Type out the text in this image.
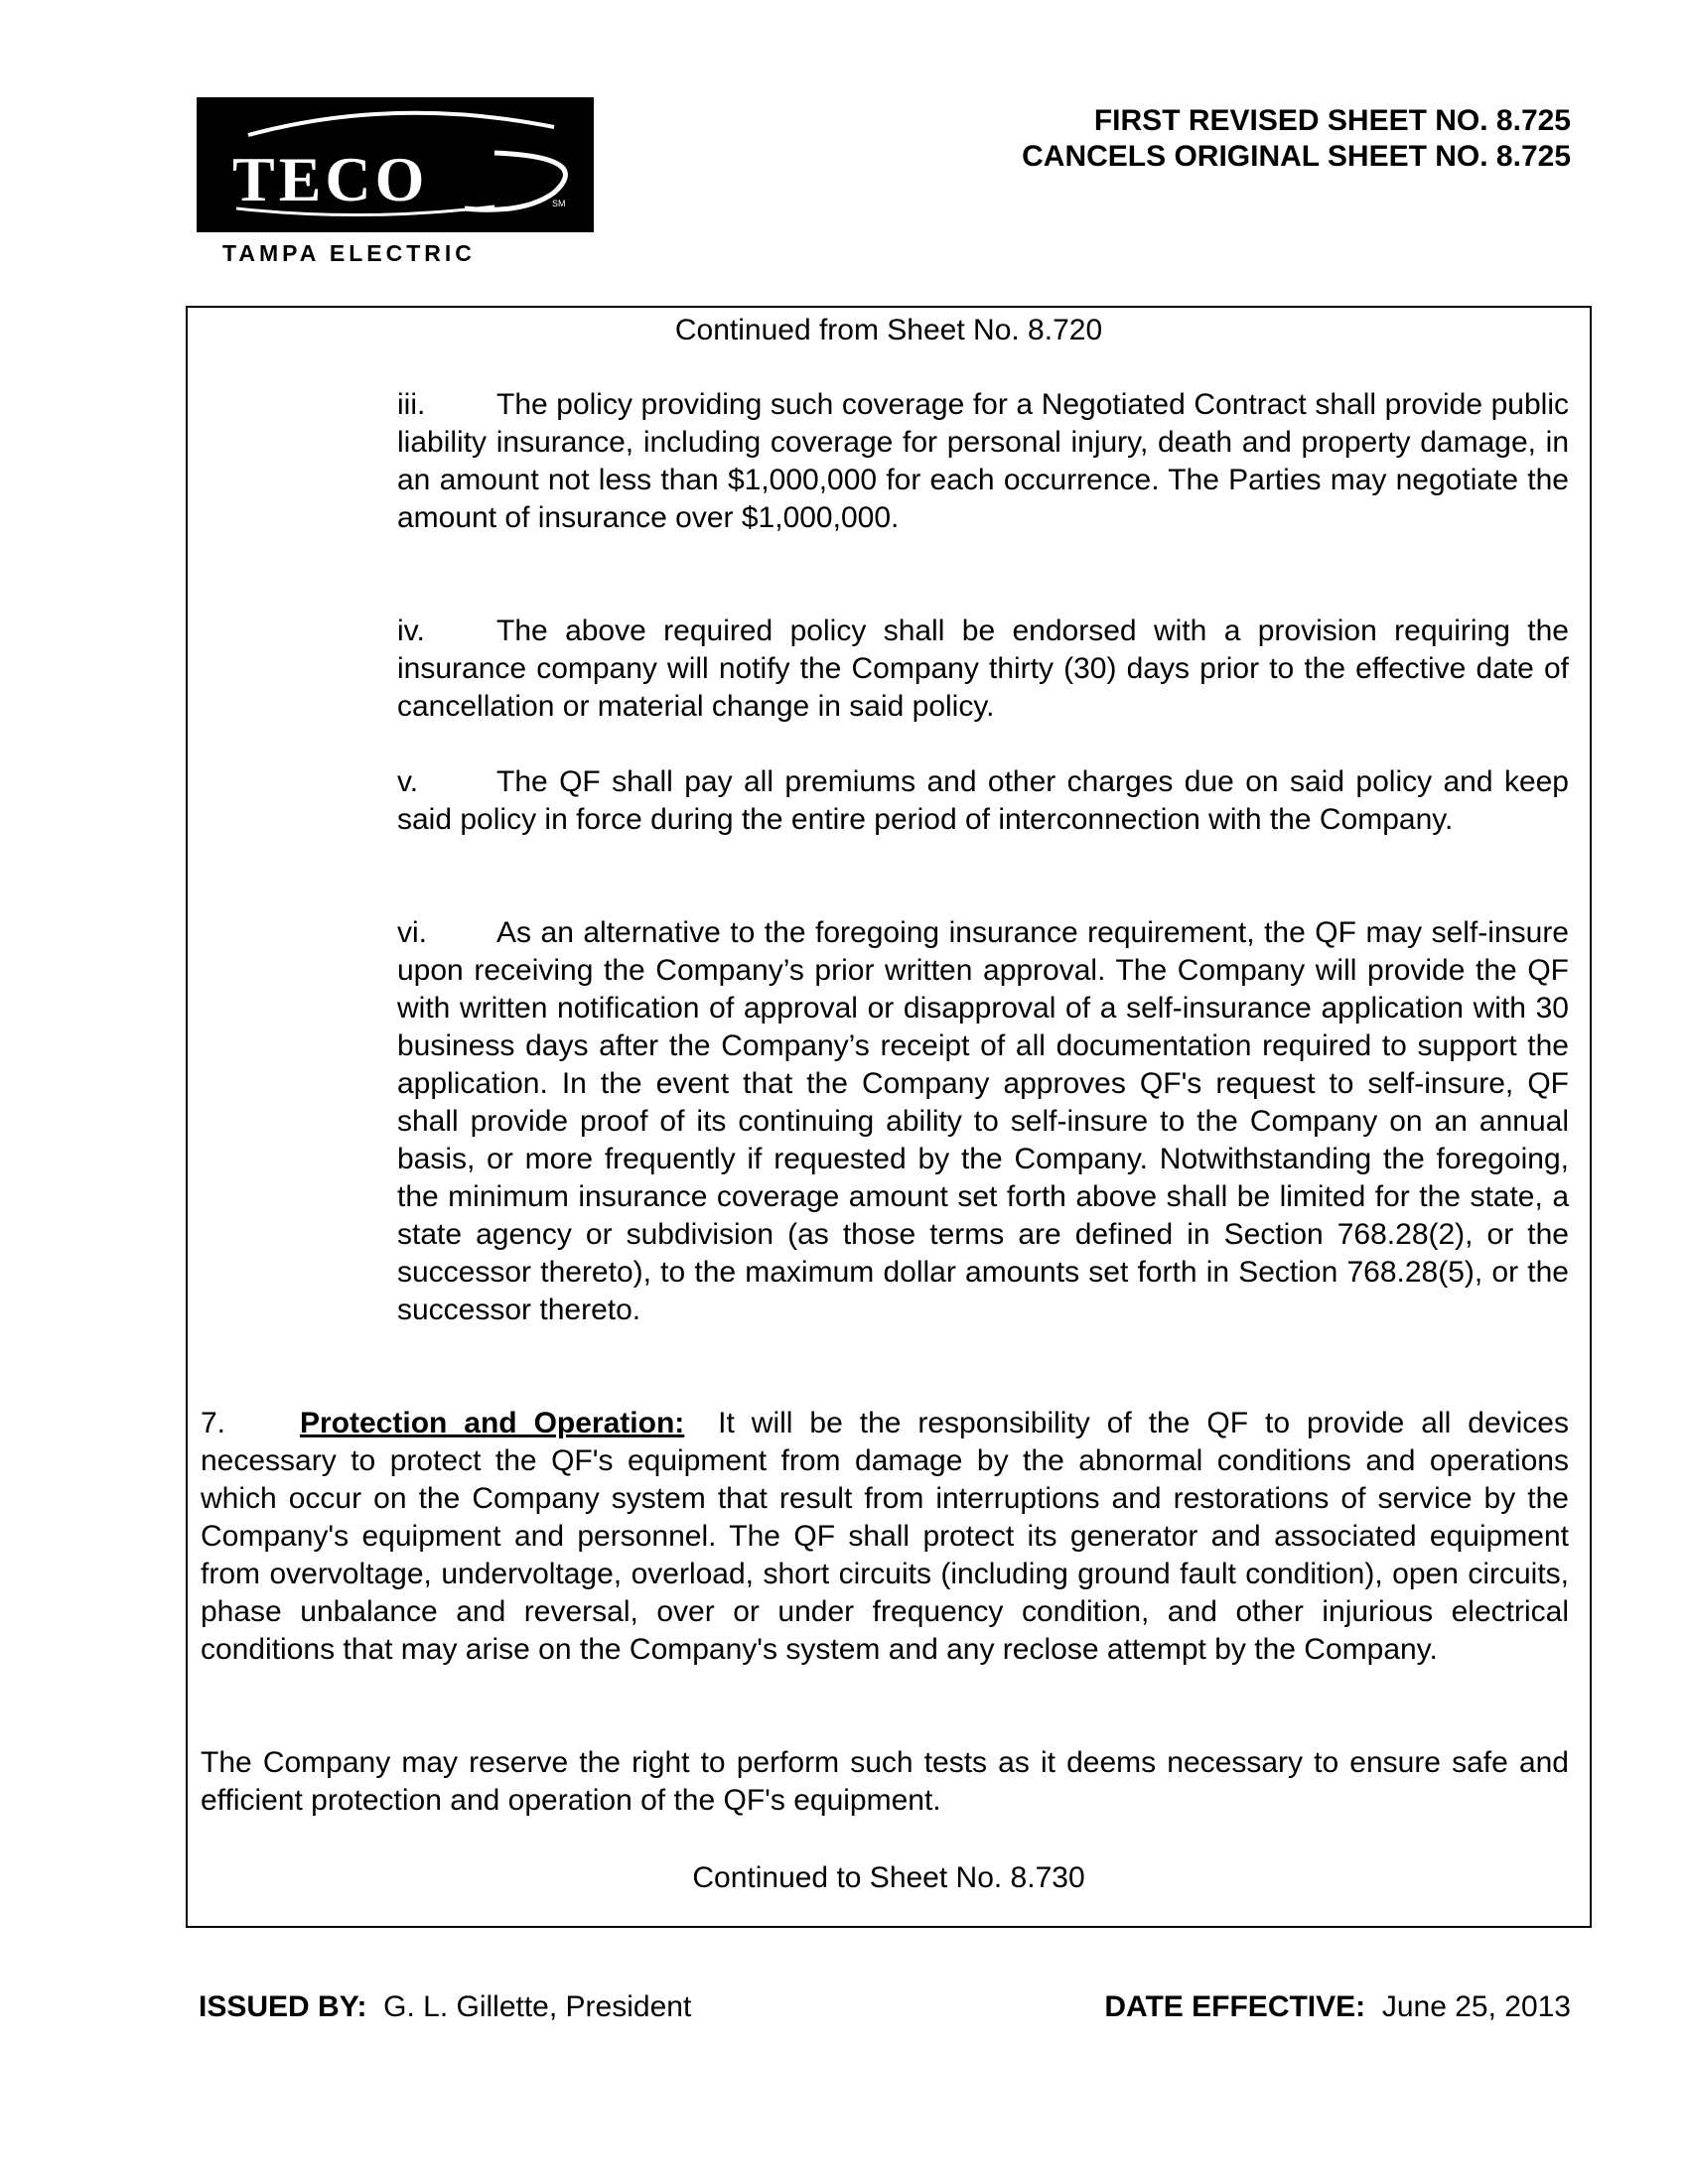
TECO	SM
TAMPA ELECTRIC
FIRST REVISED SHEET NO. 8.725
CANCELS ORIGINAL SHEET NO. 8.725
Continued from Sheet No. 8.720

iii. The policy providing such coverage for a Negotiated Contract shall provide public liability insurance, including coverage for personal injury, death and property damage, in an amount not less than $1,000,000 for each occurrence. The Parties may negotiate the amount of insurance over $1,000,000.

iv. The above required policy shall be endorsed with a provision requiring the insurance company will notify the Company thirty (30) days prior to the effective date of cancellation or material change in said policy.

v.	The QF shall pay all premiums and other charges due on said policy and keep said policy in force during the entire period of interconnection with the Company.

vi. As an alternative to the foregoing insurance requirement, the QF may self-insure upon receiving the Company’s prior written approval. The Company will provide the QF with written notification of approval or disapproval of a self-insurance application with 30 business days after the Company’s receipt of all documentation required to support the application. In the event that the Company approves QF's request to self-insure, QF shall provide proof of its continuing ability to self-insure to the Company on an annual basis, or more frequently if requested by the Company. Notwithstanding the foregoing, the minimum insurance coverage amount set forth above shall be limited for the state, a state agency or subdivision (as those terms are defined in Section 768.28(2), or the successor thereto), to the maximum dollar amounts set forth in Section 768.28(5), or the successor thereto.

7. Protection and Operation: It will be the responsibility of the QF to provide all devices necessary to protect the QF's equipment from damage by the abnormal conditions and operations which occur on the Company system that result from interruptions and restorations of service by the Company's equipment and personnel. The QF shall protect its generator and associated equipment from overvoltage, undervoltage, overload, short circuits (including ground fault condition), open circuits, phase unbalance and reversal, over or under frequency condition, and other injurious electrical conditions that may arise on the Company's system and any reclose attempt by the Company.

The Company may reserve the right to perform such tests as it deems necessary to ensure safe and efficient protection and operation of the QF's equipment.

Continued to Sheet No. 8.730
ISSUED BY: G. L. Gillette, President	DATE EFFECTIVE: June 25, 2013
